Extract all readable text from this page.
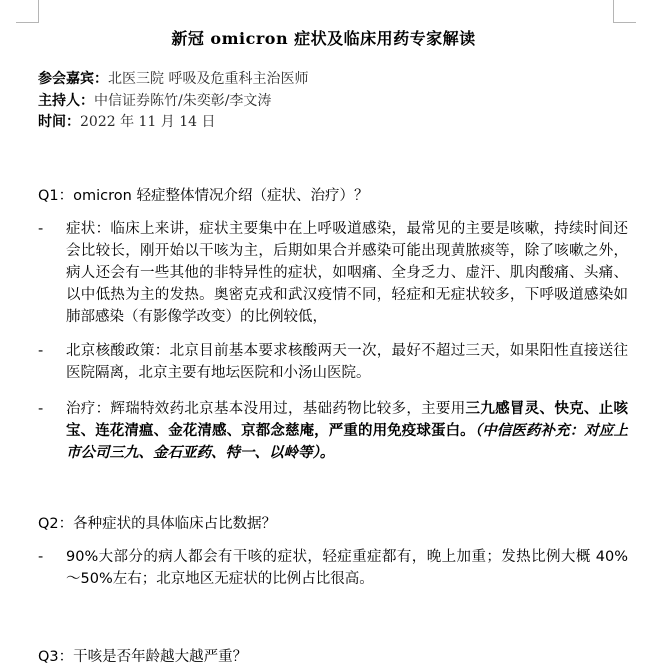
新冠 omicron 症状及临床用药专家解读
参会嘉宾：北医三院 呼吸及危重科主治医师
主持人：中信证券陈竹/朱奕彰/李文涛
时间：2022 年 11 月 14 日
Q1：omicron 轻症整体情况介绍（症状、治疗）？
- 症状：临床上来讲，症状主要集中在上呼吸道感染，最常见的主要是咳嗽，持续时间还会比较长，刚开始以干咳为主，后期如果合并感染可能出现黄脓痰等，除了咳嗽之外，病人还会有一些其他的非特异性的症状，如咽痛、全身乏力、虚汗、肌肉酸痛、头痛、以中低热为主的发热。奥密克戎和武汉疫情不同，轻症和无症状较多，下呼吸道感染如肺部感染（有影像学改变）的比例较低，
- 北京核酸政策：北京目前基本要求核酸两天一次，最好不超过三天，如果阳性直接送往医院隔离，北京主要有地坛医院和小汤山医院。
- 治疗：辉瑞特效药北京基本没用过，基础药物比较多，主要用三九感冒灵、快克、止咳宝、连花清瘟、金花清感、京都念慈庵，严重的用免疫球蛋白。（中信医药补充：对应上市公司三九、金石亚药、特一、以岭等）。
Q2：各种症状的具体临床占比数据？
- 90%大部分的病人都会有干咳的症状，轻症重症都有，晚上加重；发热比例大概 40%～50%左右；北京地区无症状的比例占比很高。
Q3：干咳是否年龄越大越严重？
